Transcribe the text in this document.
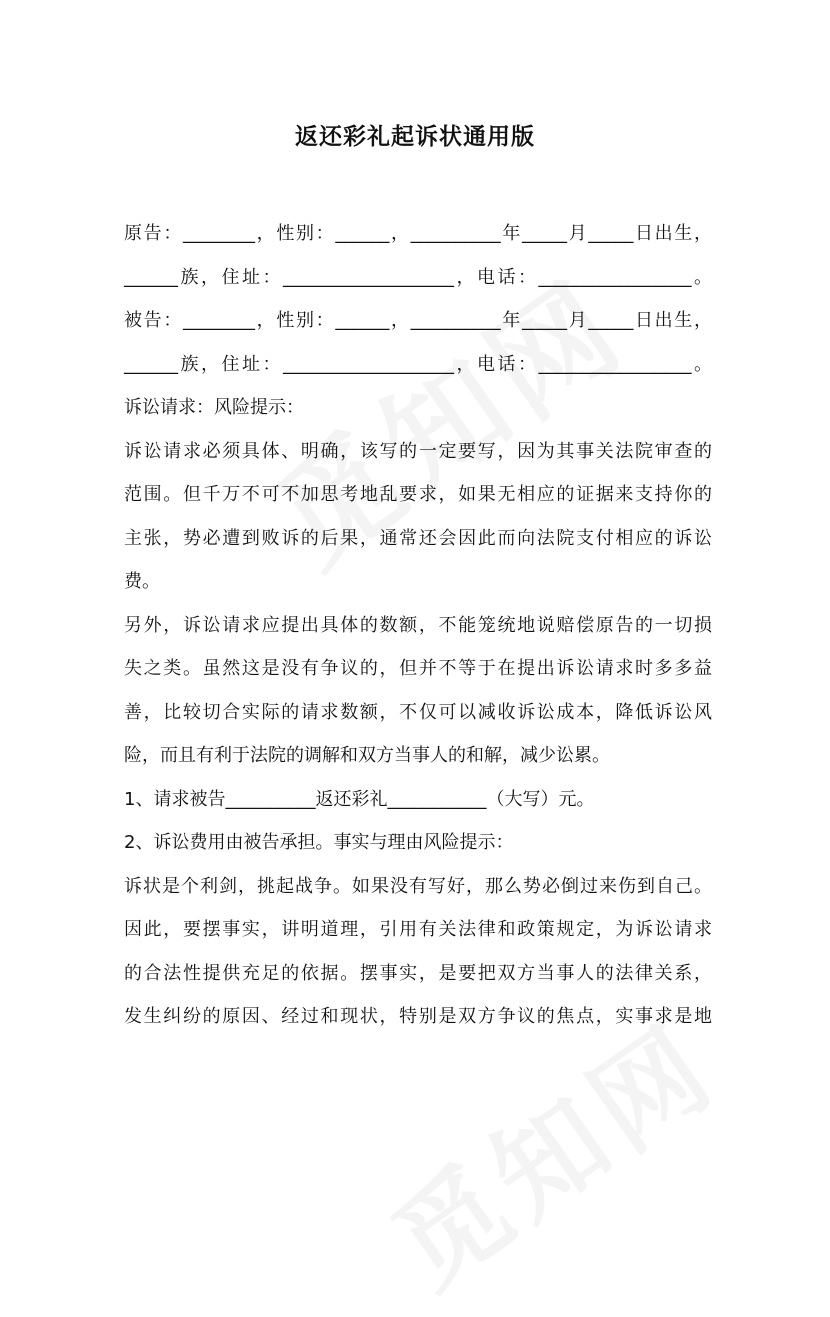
返还彩礼起诉状通用版
原告：________，性别：______，__________年_____月_____日出生，
______族，住址：___________________，电话：_________________。
被告：________，性别：______，__________年_____月_____日出生，
______族，住址：___________________，电话：_________________。
诉讼请求：风险提示：
诉讼请求必须具体、明确，该写的一定要写，因为其事关法院审查的
范围。但千万不可不加思考地乱要求，如果无相应的证据来支持你的
主张，势必遭到败诉的后果，通常还会因此而向法院支付相应的诉讼
费。
另外，诉讼请求应提出具体的数额，不能笼统地说赔偿原告的一切损
失之类。虽然这是没有争议的，但并不等于在提出诉讼请求时多多益
善，比较切合实际的请求数额，不仅可以减收诉讼成本，降低诉讼风
险，而且有利于法院的调解和双方当事人的和解，减少讼累。
1、请求被告__________返还彩礼___________（大写）元。
2、诉讼费用由被告承担。事实与理由风险提示：
诉状是个利剑，挑起战争。如果没有写好，那么势必倒过来伤到自己。
因此，要摆事实，讲明道理，引用有关法律和政策规定，为诉讼请求
的合法性提供充足的依据。摆事实，是要把双方当事人的法律关系，
发生纠纷的原因、经过和现状，特别是双方争议的焦点，实事求是地
